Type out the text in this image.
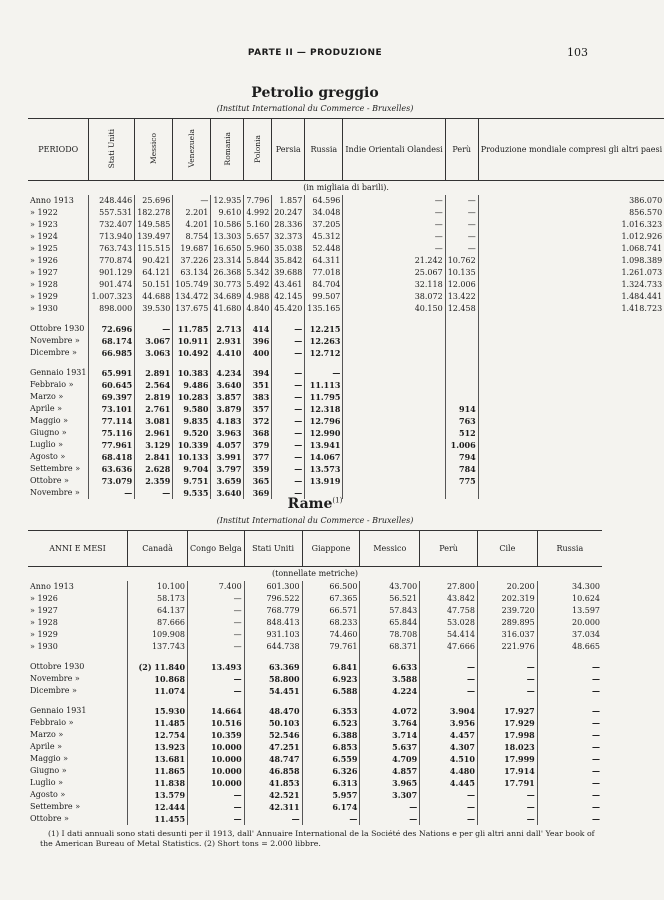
PARTE II — PRODUZIONE	103
Petrolio greggio
(Institut International du Commerce - Bruxelles)
PERIODO	Stati Uniti	Messico	Venezuela	Romania	Polonia	Persia	Russia	Indie Orientali Olandesi	Perù	Produzione mondiale compresi gli altri paesi
(in migliaia di barili).										
Anno 1913	248.446	25.696	—	12.935	7.796	1.857	64.596	—	—	386.070
» 1922	557.531	182.278	2.201	9.610	4.992	20.247	34.048	—	—	856.570
» 1923	732.407	149.585	4.201	10.586	5.160	28.336	37.205	—	—	1.016.323
» 1924	713.940	139.497	8.754	13.303	5.657	32.373	45.312	—	—	1.012.926
» 1925	763.743	115.515	19.687	16.650	5.960	35.038	52.448	—	—	1.068.741
» 1926	770.874	90.421	37.226	23.314	5.844	35.842	64.311	21.242	10.762	1.098.389
» 1927	901.129	64.121	63.134	26.368	5.342	39.688	77.018	25.067	10.135	1.261.073
» 1928	901.474	50.151	105.749	30.773	5.492	43.461	84.704	32.118	12.006	1.324.733
» 1929	1.007.323	44.688	134.472	34.689	4.988	42.145	99.507	38.072	13.422	1.484.441
» 1930	898.000	39.530	137.675	41.680	4.840	45.420	135.165	40.150	12.458	1.418.723

Ottobre 1930	72.696	—	11.785	2.713	414	—	12.215			
Novembre »	68.174	3.067	10.911	2.931	396	—	12.263			
Dicembre »	66.985	3.063	10.492	4.410	400	—	12.712			

Gennaio 1931	65.991	2.891	10.383	4.234	394	—	—			
Febbraio »	60.645	2.564	9.486	3.640	351	—	11.113			
Marzo »	69.397	2.819	10.283	3.857	383	—	11.795			
Aprile »	73.101	2.761	9.580	3.879	357	—	12.318		914	
Maggio »	77.114	3.081	9.835	4.183	372	—	12.796		763	
Giugno »	75.116	2.961	9.520	3.963	368	—	12.990		512	
Luglio »	77.961	3.129	10.339	4.057	379	—	13.941		1.006	
Agosto »	68.418	2.841	10.133	3.991	377	—	14.067		794	
Settembre »	63.636	2.628	9.704	3.797	359	—	13.573		784	
Ottobre »	73.079	2.359	9.751	3.659	365	—	13.919		775	
Novembre »	—	—	9.535	3.640	369	—				
Rame$^{(1)}$
(Institut International du Commerce - Bruxelles)
ANNI E MESI	Canadà	Congo Belga	Stati Uniti	Giappone	Messico	Perù	Cile	Russia
(tonnellate metriche)								
Anno 1913	10.100	7.400	601.300	66.500	43.700	27.800	20.200	34.300
» 1926	58.173	—	796.522	67.365	56.521	43.842	202.319	10.624
» 1927	64.137	—	768.779	66.571	57.843	47.758	239.720	13.597
» 1928	87.666	—	848.413	68.233	65.844	53.028	289.895	20.000
» 1929	109.908	—	931.103	74.460	78.708	54.414	316.037	37.034
» 1930	137.743	—	644.738	79.761	68.371	47.666	221.976	48.665

Ottobre 1930	(2) 11.840	13.493	63.369	6.841	6.633	—	—	—
Novembre »	10.868	—	58.800	6.923	3.588	—	—	—
Dicembre »	11.074	—	54.451	6.588	4.224	—	—	—

Gennaio 1931	15.930	14.664	48.470	6.353	4.072	3.904	17.927	—
Febbraio »	11.485	10.516	50.103	6.523	3.764	3.956	17.929	—
Marzo »	12.754	10.359	52.546	6.388	3.714	4.457	17.998	—
Aprile »	13.923	10.000	47.251	6.853	5.637	4.307	18.023	—
Maggio »	13.681	10.000	48.747	6.559	4.709	4.510	17.999	—
Giugno »	11.865	10.000	46.858	6.326	4.857	4.480	17.914	—
Luglio »	11.838	10.000	41.853	6.313	3.965	4.445	17.791	—
Agosto »	13.579	—	42.521	5.957	3.307	—	—	—
Settembre »	12.444	—	42.311	6.174	—	—	—	—
Ottobre »	11.455	—	—	—	—	—	—	—
(1) I dati annuali sono stati desunti per il 1913, dall' Annuaire International de la Société des Nations e per gli altri anni dall' Year book of the American Bureau of Metal Statistics. (2) Short tons = 2.000 libbre.
